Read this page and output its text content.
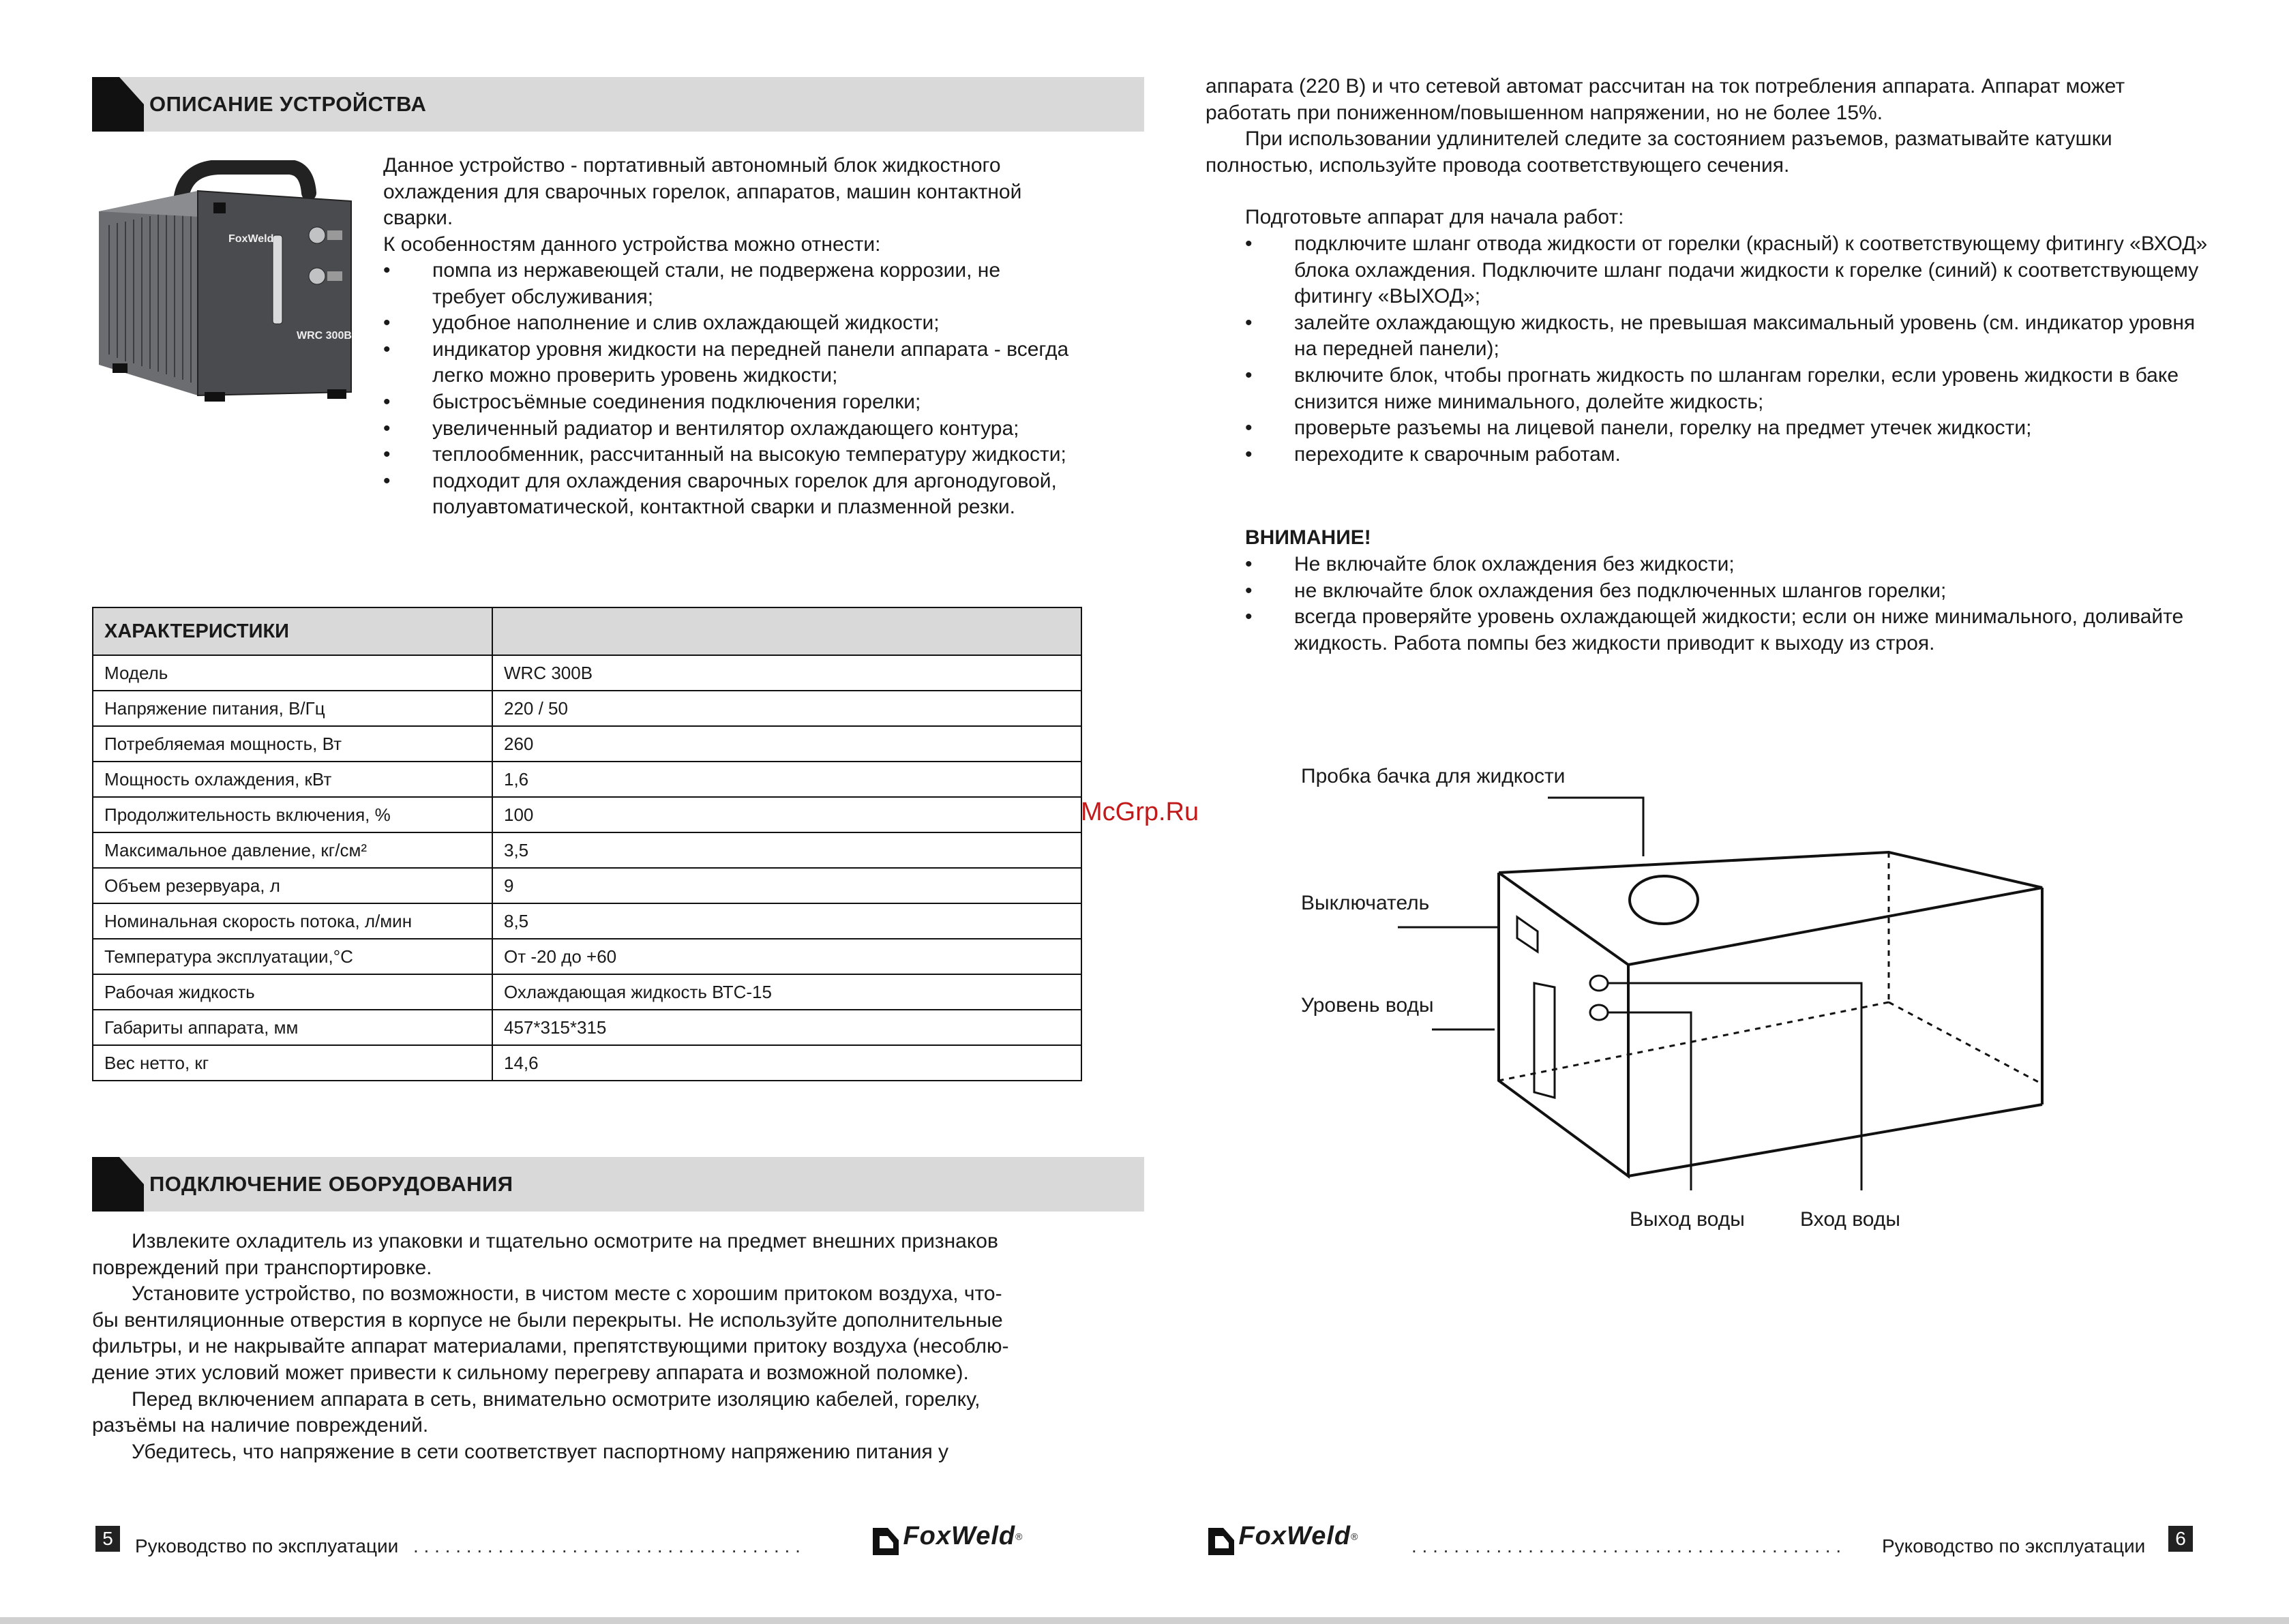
ОПИСАНИЕ УСТРОЙСТВА
FoxWeld
WRC 300B
Данное устройство - портативный автономный блок жидкостного
охлаждения для сварочных горелок, аппаратов, машин контактной
сварки.
К особенностям данного устройства можно отнести:
• помпа из нержавеющей стали, не подвержена коррозии, не требует обслуживания;
• удобное наполнение и слив охлаждающей жидкости;
• индикатор уровня жидкости на передней панели аппарата - всегда легко можно проверить уровень жидкости;
• быстросъёмные соединения подключения горелки;
• увеличенный радиатор и вентилятор охлаждающего контура;
• теплообменник, рассчитанный на высокую температуру жидкости;
• подходит для охлаждения сварочных горелок для аргонодуговой, полуавтоматической, контактной сварки и плазменной резки.
ХАРАКТЕРИСТИКИ	
Модель	WRC 300B
Напряжение питания, В/Гц	220 / 50
Потребляемая мощность, Вт	260
Мощность охлаждения, кВт	1,6
Продолжительность включения, %	100
Максимальное давление, кг/см²	3,5
Объем резервуара, л	9
Номинальная скорость потока, л/мин	8,5
Температура эксплуатации,°С	От -20 до +60
Рабочая жидкость	Охлаждающая жидкость ВТС-15
Габариты аппарата, мм	457*315*315
Вес нетто, кг	14,6
ПОДКЛЮЧЕНИЕ ОБОРУДОВАНИЯ

Извлеките охладитель из упаковки и тщательно осмотрите на предмет внешних признаков

повреждений при транспортировке.

Установите устройство, по возможности, в чистом месте с хорошим притоком воздуха, что-

бы вентиляционные отверстия в корпусе не были перекрыты. Не используйте дополнительные

фильтры, и не накрывайте аппарат материалами, препятствующими притоку воздуха (несоблю-

дение этих условий может привести к сильному перегреву аппарата и возможной поломке).

Перед включением аппарата в сеть, внимательно осмотрите изоляцию кабелей, горелку,

разъёмы на наличие повреждений.

Убедитесь, что напряжение в сети соответствует паспортному напряжению питания у

5	Руководство по эксплуатации . . . . . . . . . . . . . . . . . . . . . . . . . . . . . . . . . . . . .	FoxWeld®
McGrp.Ru

аппарата (220 В) и что сетевой автомат рассчитан на ток потребления аппарата. Аппарат может

работать при пониженном/повышенном напряжении, но не более 15%.

При использовании удлинителей следите за состоянием разъемов, разматывайте катушки

полностью, используйте провода соответствующего сечения.

Подготовьте аппарат для начала работ:
• подключите шланг отвода жидкости от горелки (красный) к соответствующему фитингу «ВХОД» блока охлаждения. Подключите шланг подачи жидкости к горелке (синий) к соответствующему фитингу «ВЫХОД»;
• залейте охлаждающую жидкость, не превышая максимальный уровень (см. индикатор уровня на передней панели);
• включите блок, чтобы прогнать жидкость по шлангам горелки, если уровень жидкости в баке снизится ниже минимального, долейте жидкость;
• проверьте разъемы на лицевой панели, горелку на предмет утечек жидкости;
• переходите к сварочным работам.
ВНИМАНИЕ!
• Не включайте блок охлаждения без жидкости;
• не включайте блок охлаждения без подключенных шлангов горелки;
• всегда проверяйте уровень охлаждающей жидкости; если он ниже минимального, доливайте жидкость. Работа помпы без жидкости приводит к выходу из строя.
Пробка бачка для жидкости
Выключатель
Уровень воды
Выход воды	Вход воды
FoxWeld®	. . . . . . . . . . . . . . . . . . . . . . . . . . . . . . . . . . . . . . . . . Руководство по эксплуатации	6
